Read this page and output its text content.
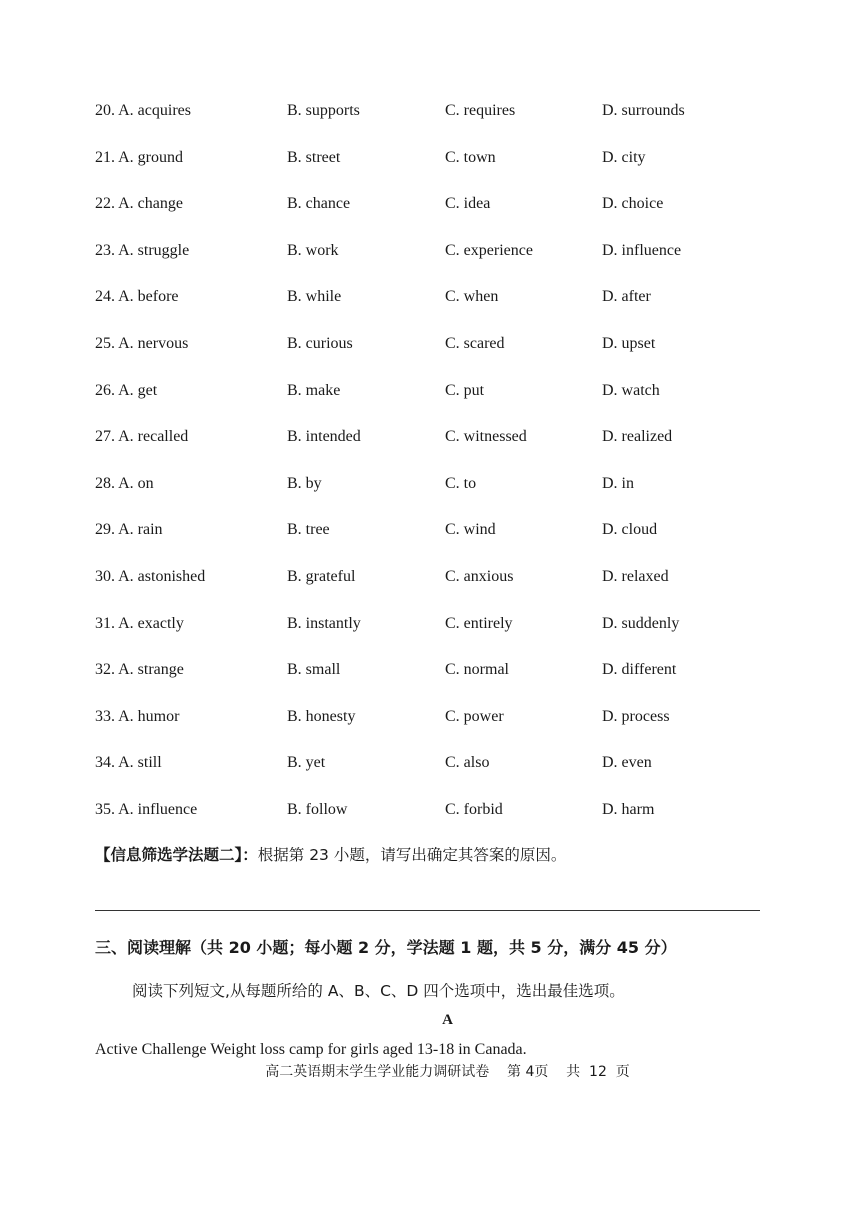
20. A. acquires	B. supports	C. requires	D. surrounds
21. A. ground	B. street	C. town	D. city
22. A. change	B. chance	C. idea	D. choice
23. A. struggle	B. work	C. experience	D. influence
24. A. before	B. while	C. when	D. after
25. A. nervous	B. curious	C. scared	D. upset
26. A. get	B. make	C. put	D. watch
27. A. recalled	B. intended	C. witnessed	D. realized
28. A. on	B. by	C. to	D. in
29. A. rain	B. tree	C. wind	D. cloud
30. A. astonished	B. grateful	C. anxious	D. relaxed
31. A. exactly	B. instantly	C. entirely	D. suddenly
32. A. strange	B. small	C. normal	D. different
33. A. humor	B. honesty	C. power	D. process
34. A. still	B. yet	C. also	D. even
35. A. influence	B. follow	C. forbid	D. harm
【信息筛选学法题二】：根据第 23 小题，请写出确定其答案的原因。
三、阅读理解（共 20 小题；每小题 2 分，学法题 1 题，共 5 分，满分 45 分）
阅读下列短文,从每题所给的 A、B、C、D 四个选项中，选出最佳选项。
A
Active Challenge Weight loss camp for girls aged 13-18 in Canada.
高二英语期末学生学业能力调研试卷    第 4页    共  12  页
